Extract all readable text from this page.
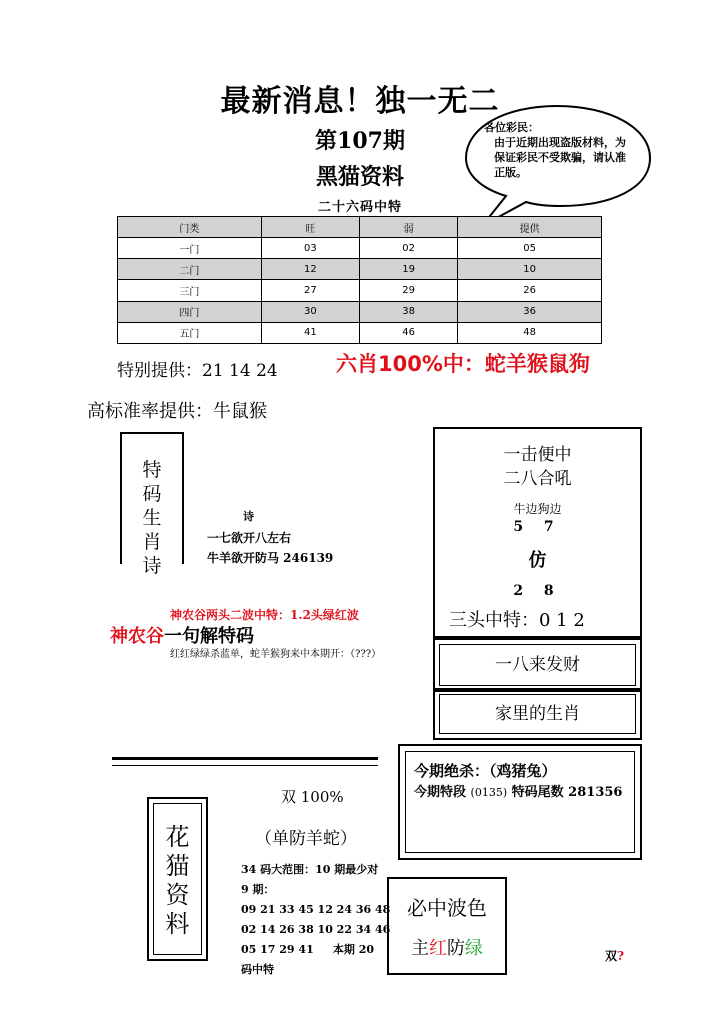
最新消息！独一无二
第107期
黑猫资料
二十六码中特
各位彩民：
由于近期出现盗版材料，为保证彩民不受欺骗，请认准正版。
门类	旺	弱	提供
一门	03	02	05
二门	12	19	10
三门	27	29	26
四门	30	38	36
五门	41	46	48
特别提供：21 14 24	六肖100%中：蛇羊猴鼠狗
高标准率提供：牛鼠猴
特
码
生
肖
诗
诗
一七欲开八左右
牛羊欲开防马 246139
神农谷两头二波中特：1.2头绿红波
神农谷一句解特码
红红绿绿杀蓝单，蛇羊猴狗来中本期开：（???）
一击便中
二八合吼
牛边狗边
5 7
仿
2 8
三头中特：0 1 2
一八来发财
家里的生肖
今期绝杀：（鸡猪兔）
今期特段 (0135) 特码尾数 281356
花
猫
资
料
双 100%
（单防羊蛇）
34 码大范围：10 期最少对
9 期：
09 21 33 45 12 24 36 48
02 14 26 38 10 22 34 46
05 17 29 41 本期 20
码中特
必中波色
主红防绿	双?
